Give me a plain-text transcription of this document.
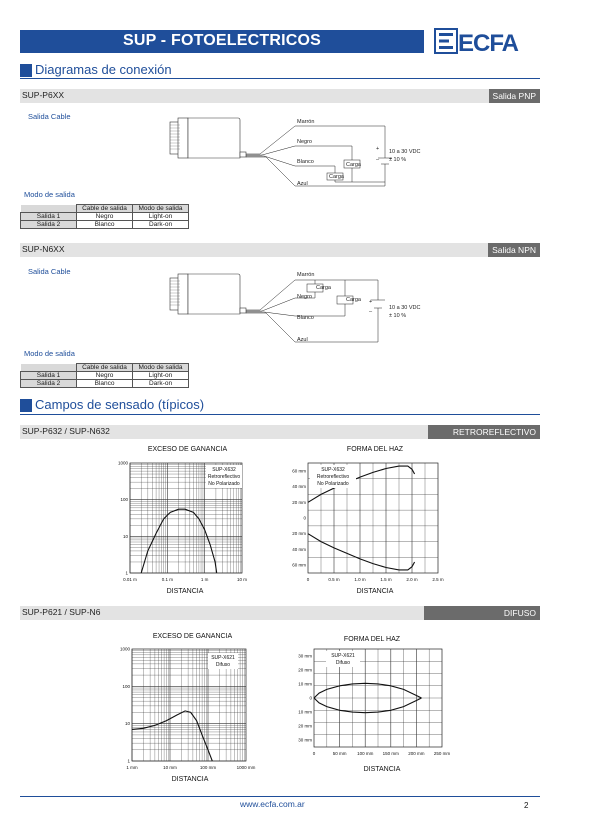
SUP - FOTOELECTRICOS	ECFA
Diagramas de conexión
SUP-P6XX	Salida PNP
Salida Cable
Marrón
Negro
Blanco
Azul
Carga
Carga
+
–
10 a 30 VDC
± 10 %
Modo de salida
	Cable de salida	Modo de salida
Salida 1	Negro	Light-on
Salida 2	Blanco	Dark-on
SUP-N6XX	Salida NPN
Salida Cable	Marrón
Negro
Blanco
Azul
Carga
Carga +
–
10 a 30 VDC
± 10 %
Modo de salida
	Cable de salida	Modo de salida
Salida 1	Negro	Light-on
Salida 2	Blanco	Dark-on
Campos de sensado (típicos)
SUP-P632 / SUP-N632	RETROREFLECTIVO
EXCESO DE GANANCIA
0.01 m	0.1 m	1 m	10 m
1
10
100
1000
SUP-X632
Retroreflectivo
No Polarizado
DISTANCIA
FORMA DEL HAZ
0	0.5 m	1.0 m	1.5 m	2.0 m	2.5 m
60 mm
40 mm
20 mm
0
20 mm
40 mm
60 mm
SUP-X632
Retroreflectivo
No Polarizado
DISTANCIA
SUP-P621 / SUP-N6	DIFUSO
EXCESO DE GANANCIA
1 mm	10 mm	100 mm	1000 mm
1
10
100
1000
SUP-X621
Difuso
DISTANCIA
FORMA DEL HAZ
0	50 mm 100 mm 150 mm 200 mm 250 mm
30 mm
20 mm
10 mm
0
10 mm
20 mm
30 mm
SUP-X621
Difuso
DISTANCIA
www.ecfa.com.ar	2
